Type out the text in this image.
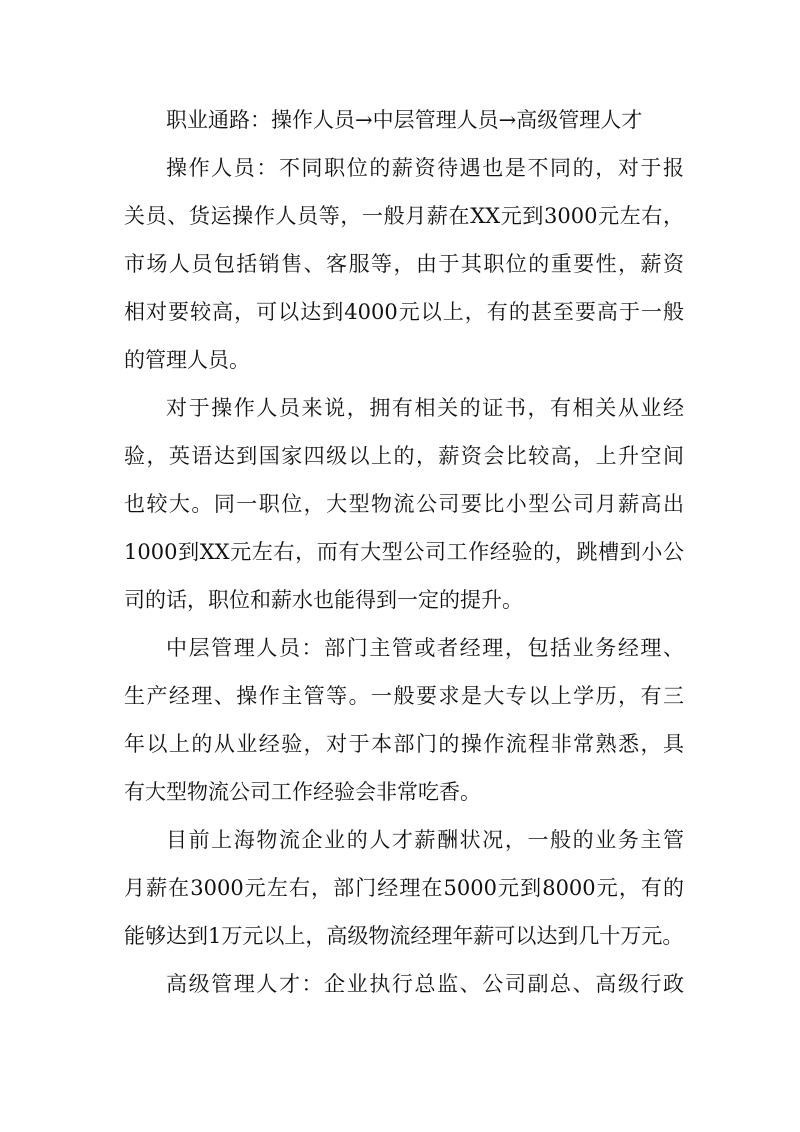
职业通路：操作人员→中层管理人员→高级管理人才
操作人员：不同职位的薪资待遇也是不同的，对于报
关员、货运操作人员等，一般月薪在XX元到3000元左右，
市场人员包括销售、客服等，由于其职位的重要性，薪资
相对要较高，可以达到4000元以上，有的甚至要高于一般
的管理人员。
对于操作人员来说，拥有相关的证书，有相关从业经
验，英语达到国家四级以上的，薪资会比较高，上升空间
也较大。同一职位，大型物流公司要比小型公司月薪高出
1000到XX元左右，而有大型公司工作经验的，跳槽到小公
司的话，职位和薪水也能得到一定的提升。
中层管理人员：部门主管或者经理，包括业务经理、
生产经理、操作主管等。一般要求是大专以上学历，有三
年以上的从业经验，对于本部门的操作流程非常熟悉，具
有大型物流公司工作经验会非常吃香。
目前上海物流企业的人才薪酬状况，一般的业务主管
月薪在3000元左右，部门经理在5000元到8000元，有的
能够达到1万元以上，高级物流经理年薪可以达到几十万元。
高级管理人才：企业执行总监、公司副总、高级行政
